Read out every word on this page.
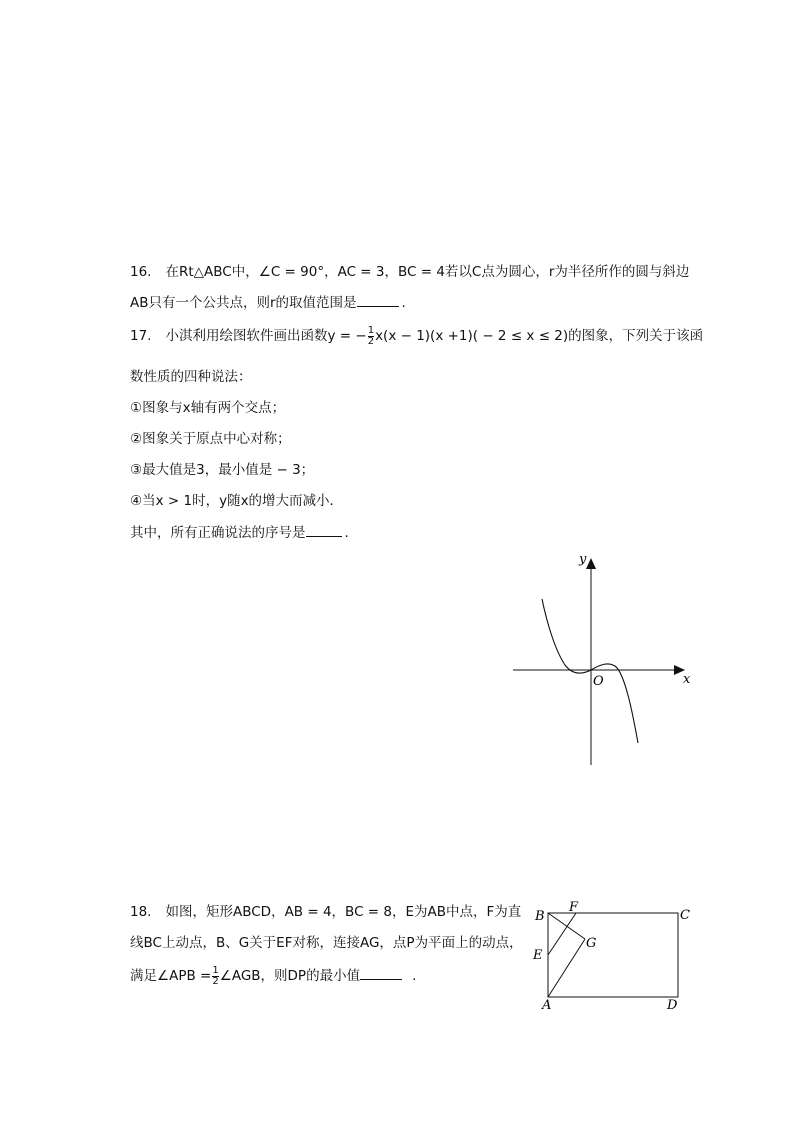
16. 在Rt△ABC中，∠C = 90°，AC = 3，BC = 4若以C点为圆心，r为半径所作的圆与斜边
AB只有一个公共点，则r的取值范围是	.
17. 小淇利用绘图软件画出函数y = − $\frac{1}{2} x(x - 1)(x +1)( - 2 \le x \le 2)$的图象，下列关于该函
数性质的四种说法：
①图象与x轴有两个交点；
②图象关于原点中心对称；
③最大值是3，最小值是 − 3；
④当x > 1时，y随x的增大而减小．
其中，所有正确说法的序号是	.
y
x
O
18. 如图，矩形ABCD，AB = 4，BC = 8，E为AB中点，F为直
线BC上动点，B、G关于EF对称，连接AG，点P为平面上的动点，
满足∠APB = $\frac{1}{2}$ ∠AGB，则DP的最小值	.
B
F
C
E
G
A	D
